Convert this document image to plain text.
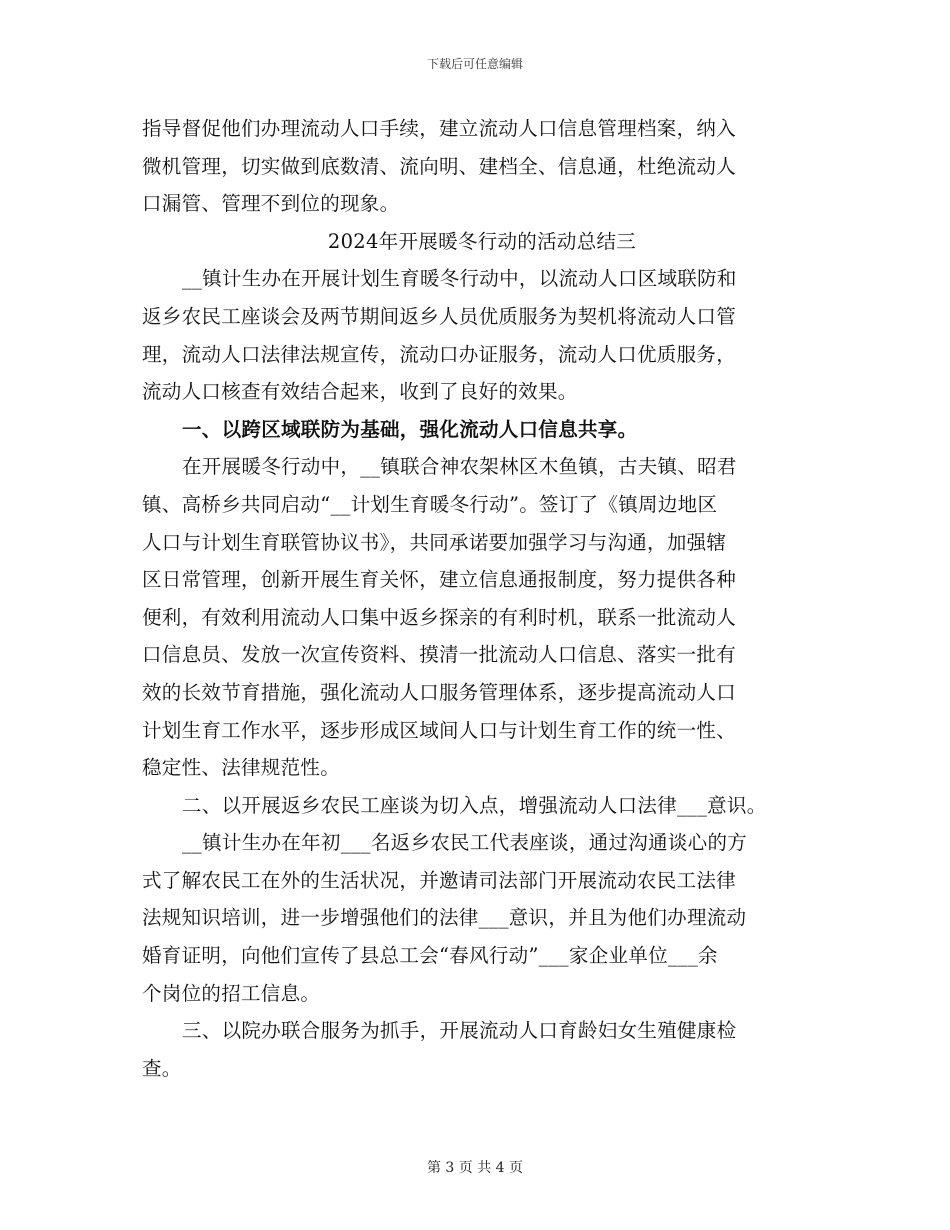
下载后可任意编辑
指导督促他们办理流动人口手续，建立流动人口信息管理档案，纳入
微机管理，切实做到底数清、流向明、建档全、信息通，杜绝流动人
口漏管、管理不到位的现象。
2024年开展暖冬行动的活动总结三
__镇计生办在开展计划生育暖冬行动中，以流动人口区域联防和
返乡农民工座谈会及两节期间返乡人员优质服务为契机将流动人口管
理，流动人口法律法规宣传，流动口办证服务，流动人口优质服务，
流动人口核查有效结合起来，收到了良好的效果。
一、以跨区域联防为基础，强化流动人口信息共享。
在开展暖冬行动中，__镇联合神农架林区木鱼镇，古夫镇、昭君
镇、高桥乡共同启动“__计划生育暖冬行动”。签订了《镇周边地区
人口与计划生育联管协议书》，共同承诺要加强学习与沟通，加强辖
区日常管理，创新开展生育关怀，建立信息通报制度，努力提供各种
便利，有效利用流动人口集中返乡探亲的有利时机，联系一批流动人
口信息员、发放一次宣传资料、摸清一批流动人口信息、落实一批有
效的长效节育措施，强化流动人口服务管理体系，逐步提高流动人口
计划生育工作水平，逐步形成区域间人口与计划生育工作的统一性、
稳定性、法律规范性。
二、以开展返乡农民工座谈为切入点，增强流动人口法律___意识。
__镇计生办在年初___名返乡农民工代表座谈，通过沟通谈心的方
式了解农民工在外的生活状况，并邀请司法部门开展流动农民工法律
法规知识培训，进一步增强他们的法律___意识，并且为他们办理流动
婚育证明，向他们宣传了县总工会“春风行动”___家企业单位___余
个岗位的招工信息。
三、以院办联合服务为抓手，开展流动人口育龄妇女生殖健康检
查。
第 3 页 共 4 页
